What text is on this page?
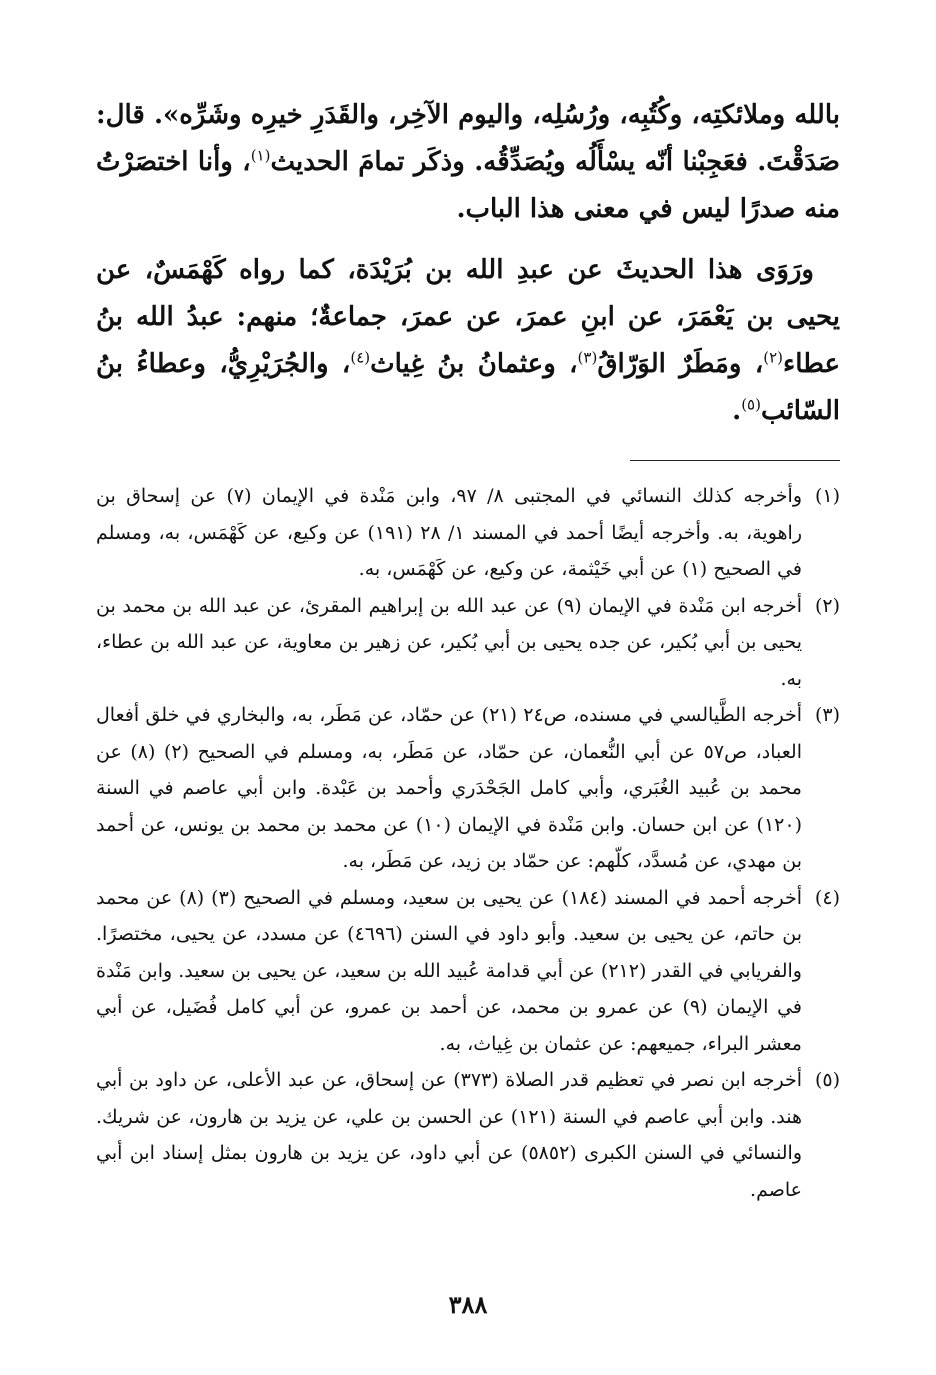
بالله وملائكتِه، وكُتُبِه، ورُسُلِه، واليوم الآخِر، والقَدَرِ خيرِه وشَرِّه». قال: صَدَقْتَ. فعَجِبْنا أنّه يسْأَلُه ويُصَدِّقُه. وذكَر تمامَ الحديث$^{(١)}$، وأنا اختصَرْتُ منه صدرًا ليس في معنى هذا الباب.

ورَوَى هذا الحديثَ عن عبدِ الله بن بُرَيْدَة، كما رواه كَهْمَسٌ، عن يحيى بن يَعْمَرَ، عن ابنِ عمرَ، عن عمرَ، جماعةٌ؛ منهم: عبدُ الله بنُ عطاء$^{(٢)}$، ومَطَرٌ الوَرّاقُ$^{(٣)}$، وعثمانُ بنُ غِياث$^{(٤)}$، والجُرَيْرِيُّ، وعطاءُ بنُ السّائب$^{(٥)}$.

(١)وأخرجه كذلك النسائي في المجتبى ٨/ ٩٧، وابن مَنْدة في الإيمان (٧) عن إسحاق بن راهوية، به. وأخرجه أيضًا أحمد في المسند ١/ ٢٨ (١٩١) عن وكيع، عن كَهْمَس، به، ومسلم في الصحيح (١) عن أبي خَيْثمة، عن وكيع، عن كَهْمَس، به.

(٢)أخرجه ابن مَنْدة في الإيمان (٩) عن عبد الله بن إبراهيم المقرئ، عن عبد الله بن محمد بن يحيى بن أبي بُكير، عن جده يحيى بن أبي بُكير، عن زهير بن معاوية، عن عبد الله بن عطاء، به.

(٣)أخرجه الطَّيالسي في مسنده، ص٢٤ (٢١) عن حمّاد، عن مَطَر، به، والبخاري في خلق أفعال العباد، ص٥٧ عن أبي النُّعمان، عن حمّاد، عن مَطَر، به، ومسلم في الصحيح (٢) (٨) عن محمد بن عُبيد الغُبَري، وأبي كامل الجَحْدَري وأحمد بن عَبْدة. وابن أبي عاصم في السنة (١٢٠) عن ابن حسان. وابن مَنْدة في الإيمان (١٠) عن محمد بن محمد بن يونس، عن أحمد بن مهدي، عن مُسدَّد، كلّهم: عن حمّاد بن زيد، عن مَطَر، به.

(٤)أخرجه أحمد في المسند (١٨٤) عن يحيى بن سعيد، ومسلم في الصحيح (٣) (٨) عن محمد بن حاتم، عن يحيى بن سعيد. وأبو داود في السنن (٤٦٩٦) عن مسدد، عن يحيى، مختصرًا. والفريابي في القدر (٢١٢) عن أبي قدامة عُبيد الله بن سعيد، عن يحيى بن سعيد. وابن مَنْدة في الإيمان (٩) عن عمرو بن محمد، عن أحمد بن عمرو، عن أبي كامل فُضَيل، عن أبي معشر البراء، جميعهم: عن عثمان بن غِياث، به.

(٥)أخرجه ابن نصر في تعظيم قدر الصلاة (٣٧٣) عن إسحاق، عن عبد الأعلى، عن داود بن أبي هند. وابن أبي عاصم في السنة (١٢١) عن الحسن بن علي، عن يزيد بن هارون، عن شريك. والنسائي في السنن الكبرى (٥٨٥٢) عن أبي داود، عن يزيد بن هارون بمثل إسناد ابن أبي عاصم.

٣٨٨
